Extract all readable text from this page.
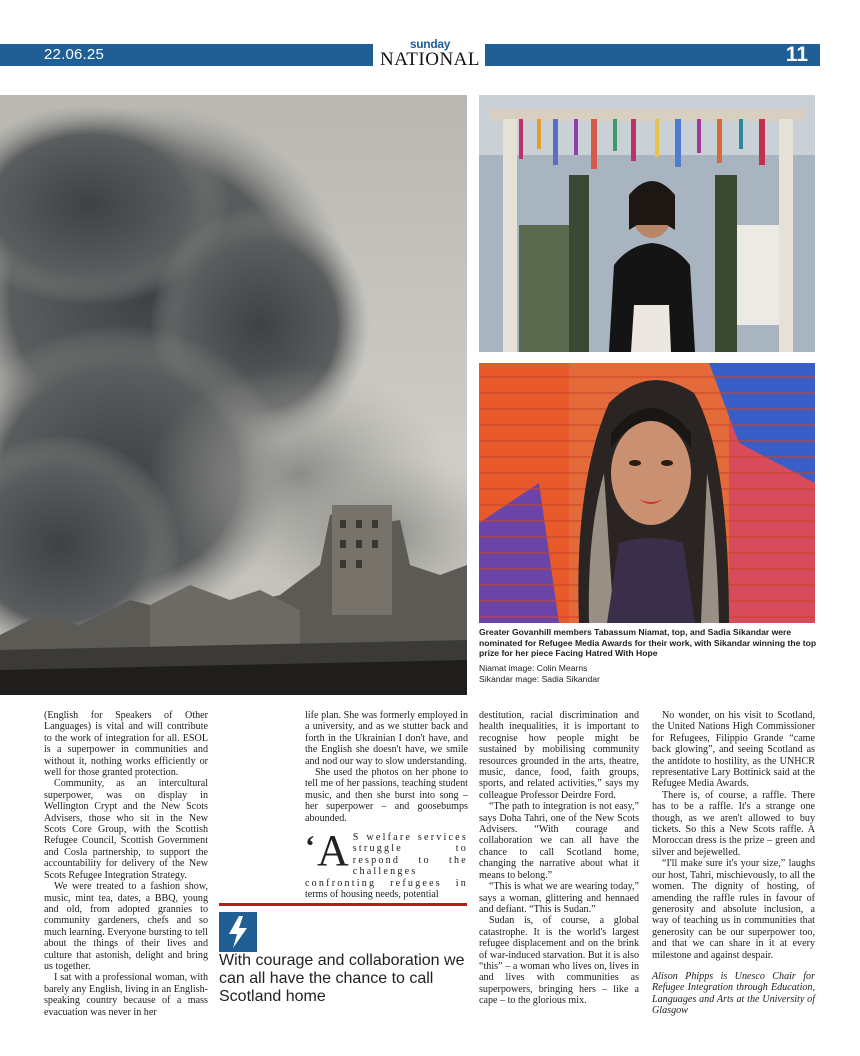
22.06.25
sunday
NATIONAL	11
Greater Govanhill members Tabassum Niamat, top, and Sadia Sikandar were nominated for Refugee Media Awards for their work, with Sikandar winning the top prize for her piece Facing Hatred With Hope
Niamat image: Colin Mearns
Sikandar mage: Sadia Sikandar

(English for Speakers of Other Languages) is vital and will contribute to the work of integration for all. ESOL is a superpower in communities and without it, nothing works efficiently or well for those granted protection.

Community, as an intercultural superpower, was on display in Wellington Crypt and the New Scots Advisers, those who sit in the New Scots Core Group, with the Scottish Refugee Council, Scottish Government and Cosla partnership, to support the accountability for delivery of the New Scots Refugee Integration Strategy.

We were treated to a fashion show, music, mint tea, dates, a BBQ, young and old, from adopted grannies to community gardeners, chefs and so much learning. Everyone bursting to tell about the things of their lives and culture that astonish, delight and bring us together.

I sat with a professional woman, with barely any English, living in an English-speaking country because of a mass evacuation was never in her

life plan. She was formerly employed in a university, and as we stutter back and forth in the Ukrainian I don't have, and the English she doesn't have, we smile and nod our way to slow understanding.

She used the photos on her phone to tell me of her passions, teaching student music, and then she burst into song – her superpower – and goosebumps abounded.

‘ A S welfare services struggle to respond to the challenges confronting refugees in terms of housing needs, potential
With courage and collaboration we can all have the chance to call Scotland home

destitution, racial discrimination and health inequalities, it is important to recognise how people might be sustained by mobilising community resources grounded in the arts, theatre, music, dance, food, faith groups, sports, and related activities,” says my colleague Professor Deirdre Ford.

“The path to integration is not easy,” says Doha Tahri, one of the New Scots Advisers. “With courage and collaboration we can all have the chance to call Scotland home, changing the narrative about what it means to belong.”

“This is what we are wearing today,” says a woman, glittering and hennaed and defiant. “This is Sudan.”

Sudan is, of course, a global catastrophe. It is the world's largest refugee displacement and on the brink of war-induced starvation. But it is also “this” – a woman who lives on, lives in and lives with communities as superpowers, bringing hers – like a cape – to the glorious mix.

No wonder, on his visit to Scotland, the United Nations High Commissioner for Refugees, Filippio Grande “came back glowing”, and seeing Scotland as the antidote to hostility, as the UNHCR representative Lary Bottinick said at the Refugee Media Awards.

There is, of course, a raffle. There has to be a raffle. It's a strange one though, as we aren't allowed to buy tickets. So this a New Scots raffle. A Moroccan dress is the prize – green and silver and bejewelled.

“I'll make sure it's your size,” laughs our host, Tahri, mischievously, to all the women. The dignity of hosting, of amending the raffle rules in favour of generosity and absolute inclusion, a way of teaching us in communities that generosity can be our superpower too, and that we can share in it at every milestone and against despair.

Alison Phipps is Unesco Chair for Refugee Integration through Education, Languages and Arts at the University of Glasgow
